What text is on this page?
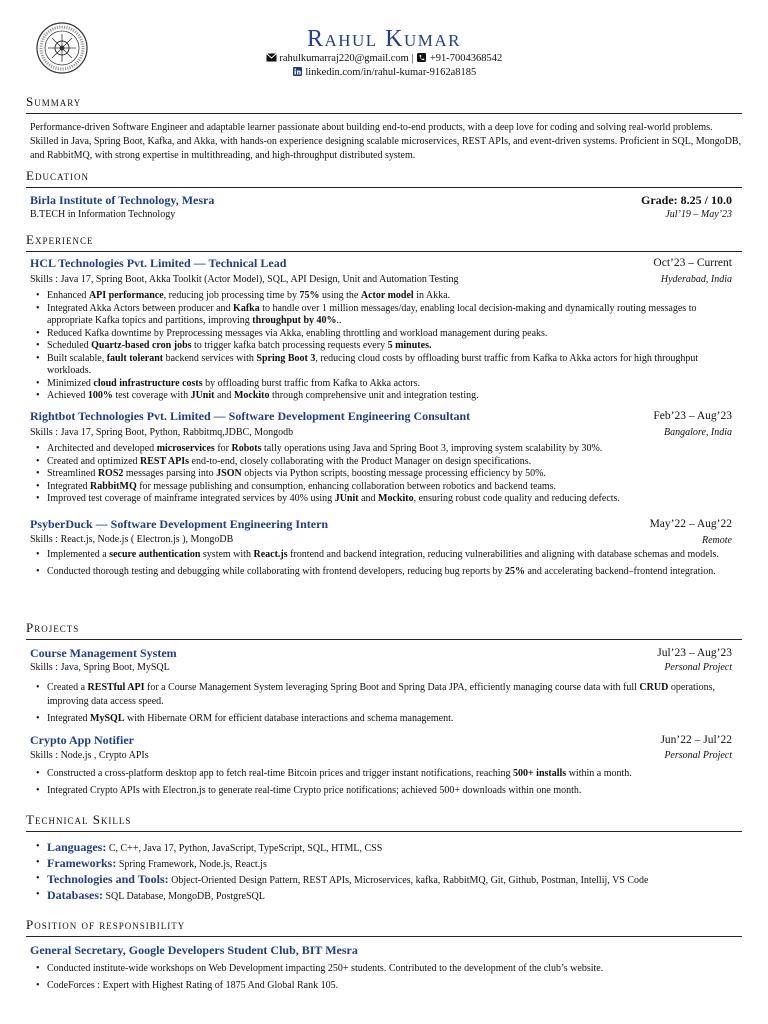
Rahul Kumar
rahulkumarraj220@gmail.com | +91-7004368542
linkedin.com/in/rahul-kumar-9162a8185
Summary
Performance-driven Software Engineer and adaptable learner passionate about building end-to-end products, with a deep love for coding and solving real-world problems. Skilled in Java, Spring Boot, Kafka, and Akka, with hands-on experience designing scalable microservices, REST APIs, and event-driven systems. Proficient in SQL, MongoDB, and RabbitMQ, with strong expertise in multithreading, and high-throughput distributed system.
Education
Birla Institute of Technology, Mesra	Grade: 8.25 / 10.0
B.TECH in Information Technology	Jul’19 – May’23
Experience
HCL Technologies Pvt. Limited — Technical Lead	Oct’23 – Current
Skills : Java 17, Spring Boot, Akka Toolkit (Actor Model), SQL, API Design, Unit and Automation Testing	Hyderabad, India
• Enhanced API performance, reducing job processing time by 75% using the Actor model in Akka.
• Integrated Akka Actors between producer and Kafka to handle over 1 million messages/day, enabling local decision-making and dynamically routing messages to appropriate Kafka topics and partitions, improving throughput by 40%..
• Reduced Kafka downtime by Preprocessing messages via Akka, enabling throttling and workload management during peaks.
• Scheduled Quartz-based cron jobs to trigger kafka batch processing requests every 5 minutes.
• Built scalable, fault tolerant backend services with Spring Boot 3, reducing cloud costs by offloading burst traffic from Kafka to Akka actors for high throughput workloads.
• Minimized cloud infrastructure costs by offloading burst traffic from Kafka to Akka actors.
• Achieved 100% test coverage with JUnit and Mockito through comprehensive unit and integration testing.
Rightbot Technologies Pvt. Limited — Software Development Engineering Consultant	Feb’23 – Aug’23
Skills : Java 17, Spring Boot, Python, Rabbitmq,JDBC, Mongodb	Bangalore, India
• Architected and developed microservices for Robots tally operations using Java and Spring Boot 3, improving system scalability by 30%.
• Created and optimized REST APIs end-to-end, closely collaborating with the Product Manager on design specifications.
• Streamlined ROS2 messages parsing into JSON objects via Python scripts, boosting message processing efficiency by 50%.
• Integrated RabbitMQ for message publishing and consumption, enhancing collaboration between robotics and backend teams.
• Improved test coverage of mainframe integrated services by 40% using JUnit and Mockito, ensuring robust code quality and reducing defects.
PsyberDuck — Software Development Engineering Intern	May’22 – Aug’22
Skills : React.js, Node.js ( Electron.js ), MongoDB	Remote
• Implemented a secure authentication system with React.js frontend and backend integration, reducing vulnerabilities and aligning with database schemas and models.
• Conducted thorough testing and debugging while collaborating with frontend developers, reducing bug reports by 25% and accelerating backend–frontend integration.
Projects
Course Management System	Jul’23 – Aug’23
Skills : Java, Spring Boot, MySQL	Personal Project
• Created a RESTful API for a Course Management System leveraging Spring Boot and Spring Data JPA, efficiently managing course data with full CRUD operations, improving data access speed.
• Integrated MySQL with Hibernate ORM for efficient database interactions and schema management.
Crypto App Notifier	Jun’22 – Jul’22
Skills : Node.js , Crypto APIs	Personal Project
• Constructed a cross-platform desktop app to fetch real-time Bitcoin prices and trigger instant notifications, reaching 500+ installs within a month.
• Integrated Crypto APIs with Electron.js to generate real-time Crypto price notifications; achieved 500+ downloads within one month.
Technical Skills
• Languages: C, C++, Java 17, Python, JavaScript, TypeScript, SQL, HTML, CSS
• Frameworks: Spring Framework, Node.js, React.js
• Technologies and Tools: Object-Oriented Design Pattern, REST APIs, Microservices, kafka, RabbitMQ, Git, Github, Postman, Intellij, VS Code
• Databases: SQL Database, MongoDB, PostgreSQL
Position of responsibility
General Secretary, Google Developers Student Club, BIT Mesra
• Conducted institute-wide workshops on Web Development impacting 250+ students. Contributed to the development of the club’s website.
• CodeForces : Expert with Highest Rating of 1875 And Global Rank 105.
